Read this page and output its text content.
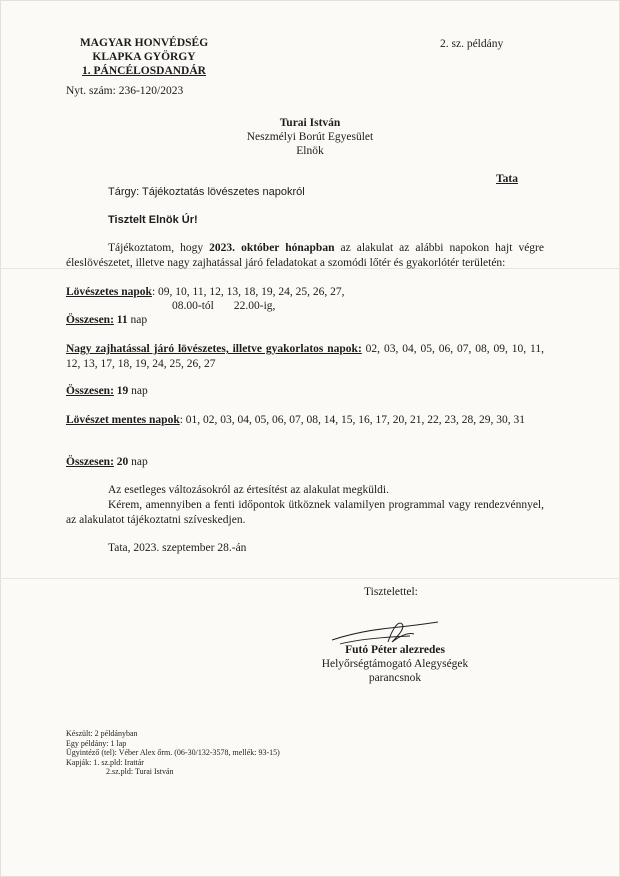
MAGYAR HONVÉDSÉG
KLAPKA GYÖRGY
1. PÁNCÉLOSDANDÁR
2. sz. példány
Nyt. szám: 236-120/2023
Turai István
Neszmélyi Borút Egyesület
Elnök
Tata
Tárgy: Tájékoztatás lövészetes napokról
Tisztelt Elnök Úr!
Tájékoztatom, hogy 2023. október hónapban az alakulat az alábbi napokon hajt végre éleslövészetet, illetve nagy zajhatással járó feladatokat a szomódi lőtér és gyakorlótér területén:
Lövészetes napok: 09, 10, 11, 12, 13, 18, 19, 24, 25, 26, 27,
08.00-tól 22.00-ig,
Összesen: 11 nap
Nagy zajhatással járó lövészetes, illetve gyakorlatos napok: 02, 03, 04, 05, 06, 07, 08, 09, 10, 11, 12, 13, 17, 18, 19, 24, 25, 26, 27
Összesen: 19 nap
Lövészet mentes napok: 01, 02, 03, 04, 05, 06, 07, 08, 14, 15, 16, 17, 20, 21, 22, 23, 28, 29, 30, 31
Összesen: 20 nap
Az esetleges változásokról az értesítést az alakulat megküldi.
Kérem, amennyiben a fenti időpontok ütköznek valamilyen programmal vagy rendezvénnyel, az alakulatot tájékoztatni szíveskedjen.
Tata, 2023. szeptember 28.-án
Tisztelettel:
Futó Péter alezredes
Helyőrségtámogató Alegységek
parancsnok
Készült: 2 példányban
Egy példány: 1 lap
Ügyintéző (tel): Véber Alex őrm. (06-30/132-3578, mellék: 93-15)
Kapják: 1. sz.pld: Irattár
2.sz.pld: Turai István
